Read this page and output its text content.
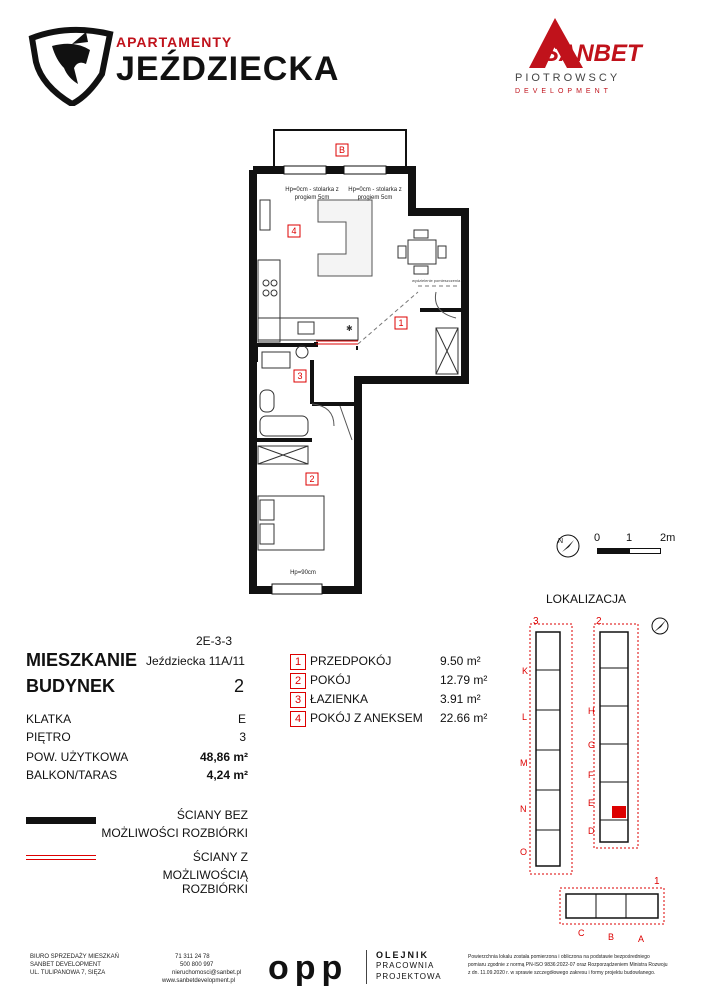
APARTAMENTY
JEŹDZIECKA	SANBET
PIOTROWSCY
DEVELOPMENT
✱
B
4
1
3
2
Hp=0cm - stolarka z progiem 5cm
Hp=0cm - stolarka z progiem 5cm
wydzielenie pomieszczenia
Hp=90cm
N	0 1	2m
2E-3-3
MIESZKANIE Jeździecka 11A/11
BUDYNEK	2
KLATKA	E
PIĘTRO	3
POW. UŻYTKOWA	48,86 m²
BALKON/TARAS	4,24 m²
1 PRZEDPOKÓJ	9.50 m²
2 POKÓJ	12.79 m²
3 ŁAZIENKA	3.91 m²
4 POKÓJ Z ANEKSEM 22.66 m²
ŚCIANY BEZ
MOŻLIWOŚCI ROZBIÓRKI
ŚCIANY Z
MOŻLIWOŚCIĄ ROZBIÓRKI
LOKALIZACJA
3	2
1
K
L
M
N
O
H
G
F
E
D
C	B	A
BIURO SPRZEDAŻY MIESZKAŃ
SANBET DEVELOPMENT
UL. TULIPANOWA 7, SIĘZA
71 311 24 78
500 800 997
nieruchomosci@sanbet.pl
www.sanbetdevelopment.pl opp	OLEJNIK
PRACOWNIA
PROJEKTOWA
Powierzchnia lokalu została pomierzona i obliczona na podstawie bezpośredniego
pomiaru zgodnie z normą PN-ISO 9836:2022-07 oraz Rozporządzeniem Ministra Rozwoju
z dn. 11.09.2020 r. w sprawie szczegółowego zakresu i formy projektu budowlanego.
